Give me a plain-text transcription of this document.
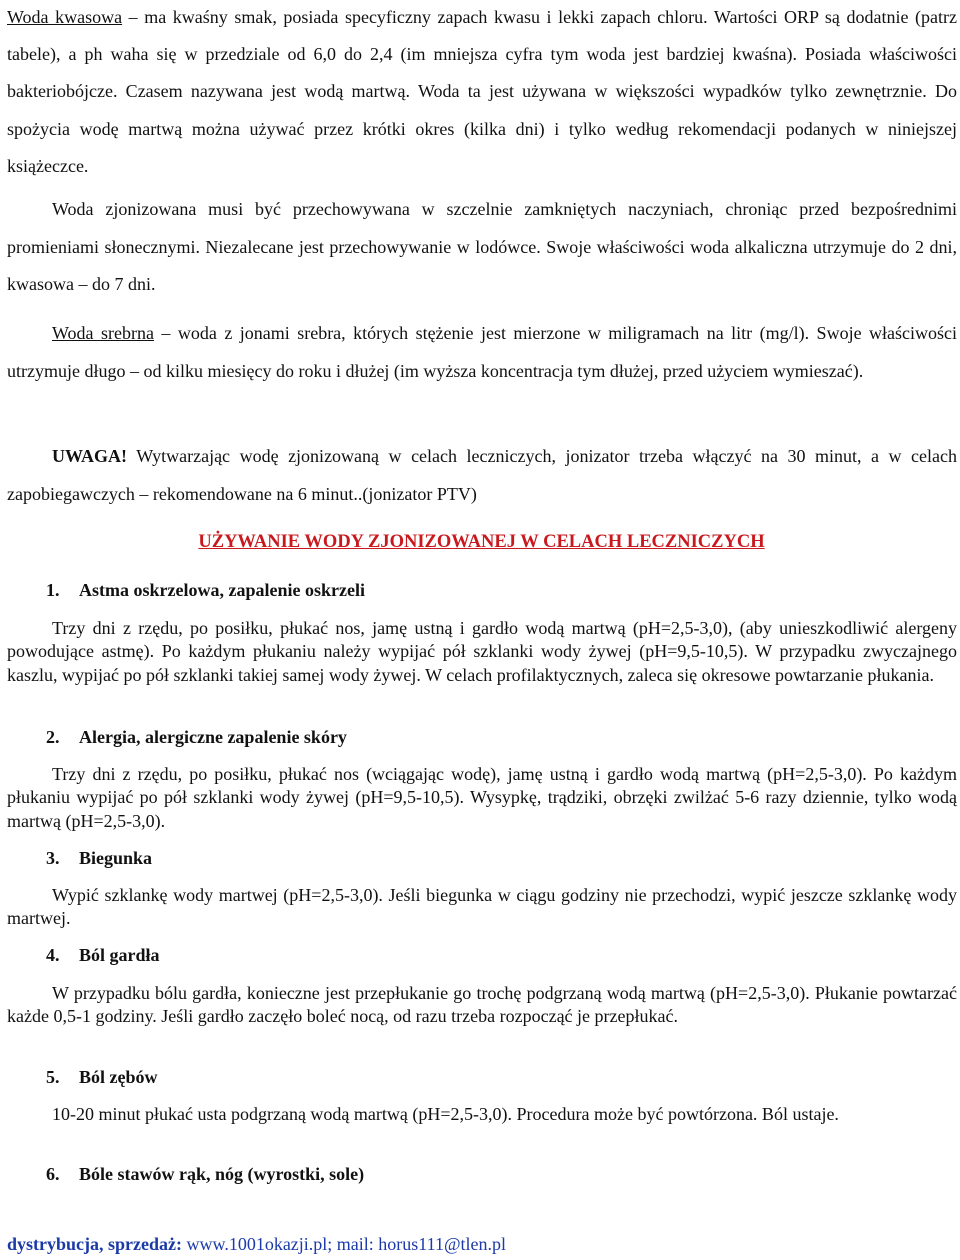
Woda kwasowa – ma kwaśny smak, posiada specyficzny zapach kwasu i lekki zapach chloru. Wartości ORP są dodatnie (patrz tabele), a ph waha się w przedziale od 6,0 do 2,4 (im mniejsza cyfra tym woda jest bardziej kwaśna). Posiada właściwości bakteriobójcze. Czasem nazywana jest wodą martwą. Woda ta jest używana w większości wypadków tylko zewnętrznie. Do spożycia wodę martwą można używać przez krótki okres (kilka dni) i tylko według rekomendacji podanych w niniejszej książeczce.

Woda zjonizowana musi być przechowywana w szczelnie zamkniętych naczyniach, chroniąc przed bezpośrednimi promieniami słonecznymi. Niezalecane jest przechowywanie w lodówce. Swoje właściwości woda alkaliczna utrzymuje do 2 dni, kwasowa – do 7 dni.

Woda srebrna – woda z jonami srebra, których stężenie jest mierzone w miligramach na litr (mg/l). Swoje właściwości utrzymuje długo – od kilku miesięcy do roku i dłużej (im wyższa koncentracja tym dłużej, przed użyciem wymieszać).

UWAGA! Wytwarzając wodę zjonizowaną w celach leczniczych, jonizator trzeba włączyć na 30 minut, a w celach zapobiegawczych – rekomendowane na 6 minut..(jonizator PTV)

UŻYWANIE WODY ZJONIZOWANEJ W CELACH LECZNICZYCH

1. Astma oskrzelowa, zapalenie oskrzeli

Trzy dni z rzędu, po posiłku, płukać nos, jamę ustną i gardło wodą martwą (pH=2,5-3,0), (aby unieszkodliwić alergeny powodujące astmę). Po każdym płukaniu należy wypijać pół szklanki wody żywej (pH=9,5-10,5). W przypadku zwyczajnego kaszlu, wypijać po pół szklanki takiej samej wody żywej. W celach profilaktycznych, zaleca się okresowe powtarzanie płukania.

2. Alergia, alergiczne zapalenie skóry

Trzy dni z rzędu, po posiłku, płukać nos (wciągając wodę), jamę ustną i gardło wodą martwą (pH=2,5-3,0). Po każdym płukaniu wypijać po pół szklanki wody żywej (pH=9,5-10,5). Wysypkę, trądziki, obrzęki zwilżać 5-6 razy dziennie, tylko wodą martwą (pH=2,5-3,0).

3. Biegunka

Wypić szklankę wody martwej (pH=2,5-3,0). Jeśli biegunka w ciągu godziny nie przechodzi, wypić jeszcze szklankę wody martwej.

4. Ból gardła

W przypadku bólu gardła, konieczne jest przepłukanie go trochę podgrzaną wodą martwą (pH=2,5-3,0). Płukanie powtarzać każde 0,5-1 godziny. Jeśli gardło zaczęło boleć nocą, od razu trzeba rozpocząć je przepłukać.

5. Ból zębów

10-20 minut płukać usta podgrzaną wodą martwą (pH=2,5-3,0). Procedura może być powtórzona. Ból ustaje.

6. Bóle stawów rąk, nóg (wyrostki, sole)

dystrybucja, sprzedaż: www.1001okazji.pl; mail: horus111@tlen.pl
